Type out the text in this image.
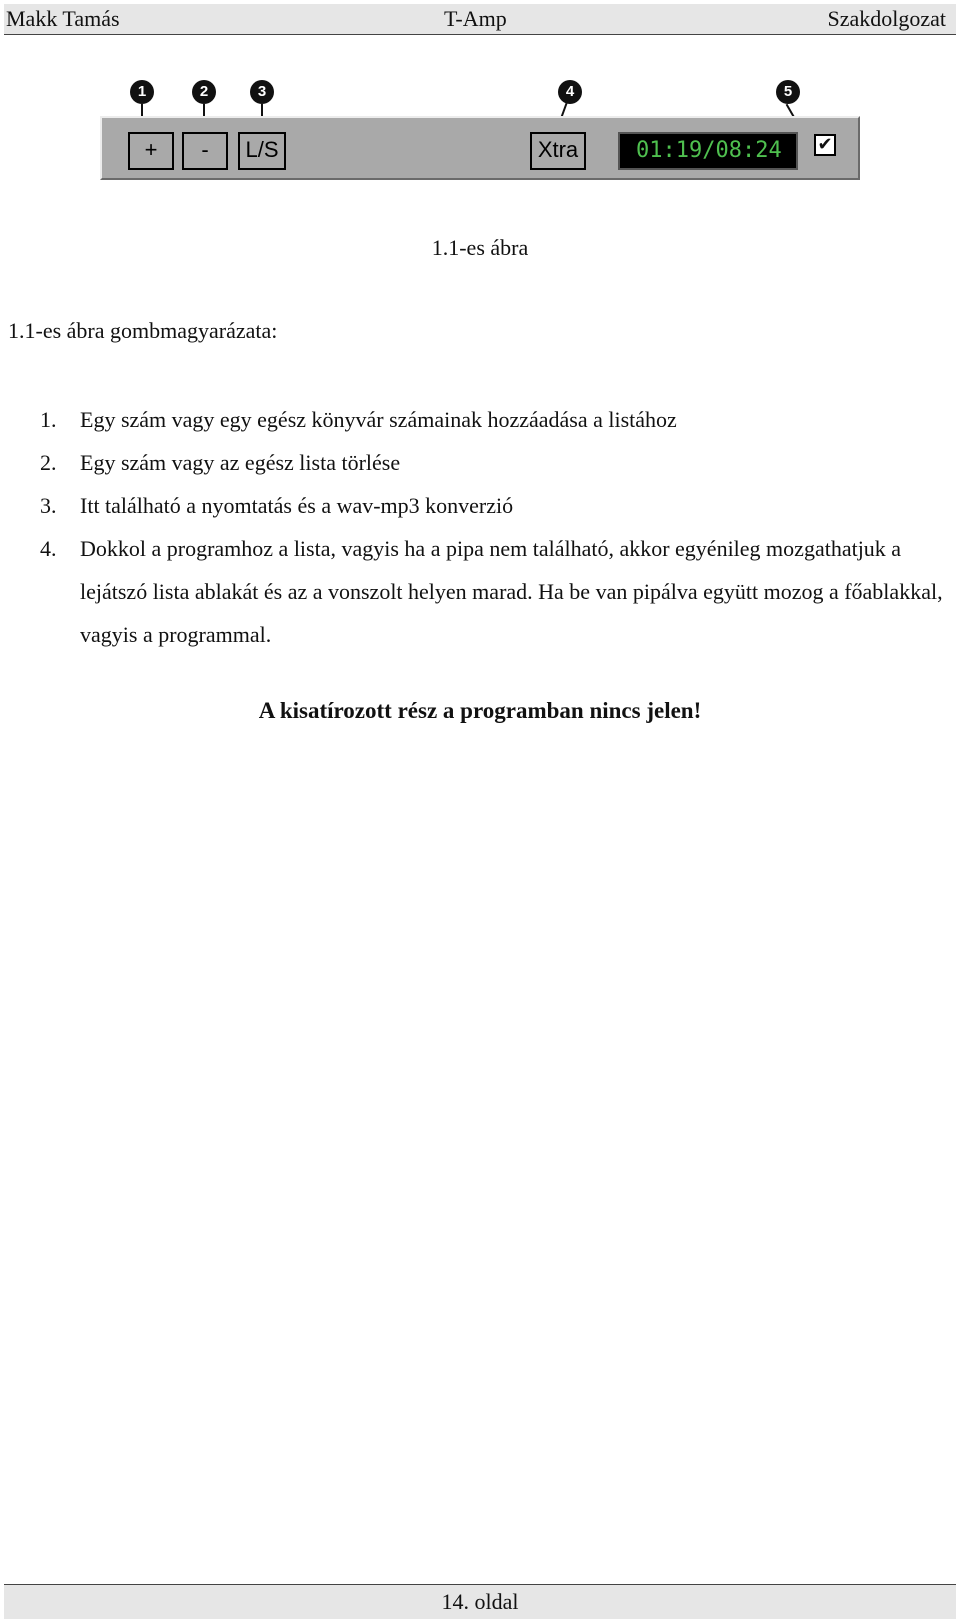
Makk Tamás	T-Amp	Szakdolgozat
1	2	3	4	5
+	-	L/S	Xtra	01:19/08:24	✔
1.1-es ábra
1.1-es ábra gombmagyarázata:
1. Egy szám vagy egy egész könyvár számainak hozzáadása a listához
2. Egy szám vagy az egész lista törlése
3. Itt található a nyomtatás és a wav-mp3 konverzió
4. Dokkol a programhoz a lista, vagyis ha a pipa nem található, akkor egyénileg mozgathatjuk a lejátszó lista ablakát és az a vonszolt helyen marad. Ha be van pipálva együtt mozog a főablakkal, vagyis a programmal.
A kisatírozott rész a programban nincs jelen!
14. oldal
